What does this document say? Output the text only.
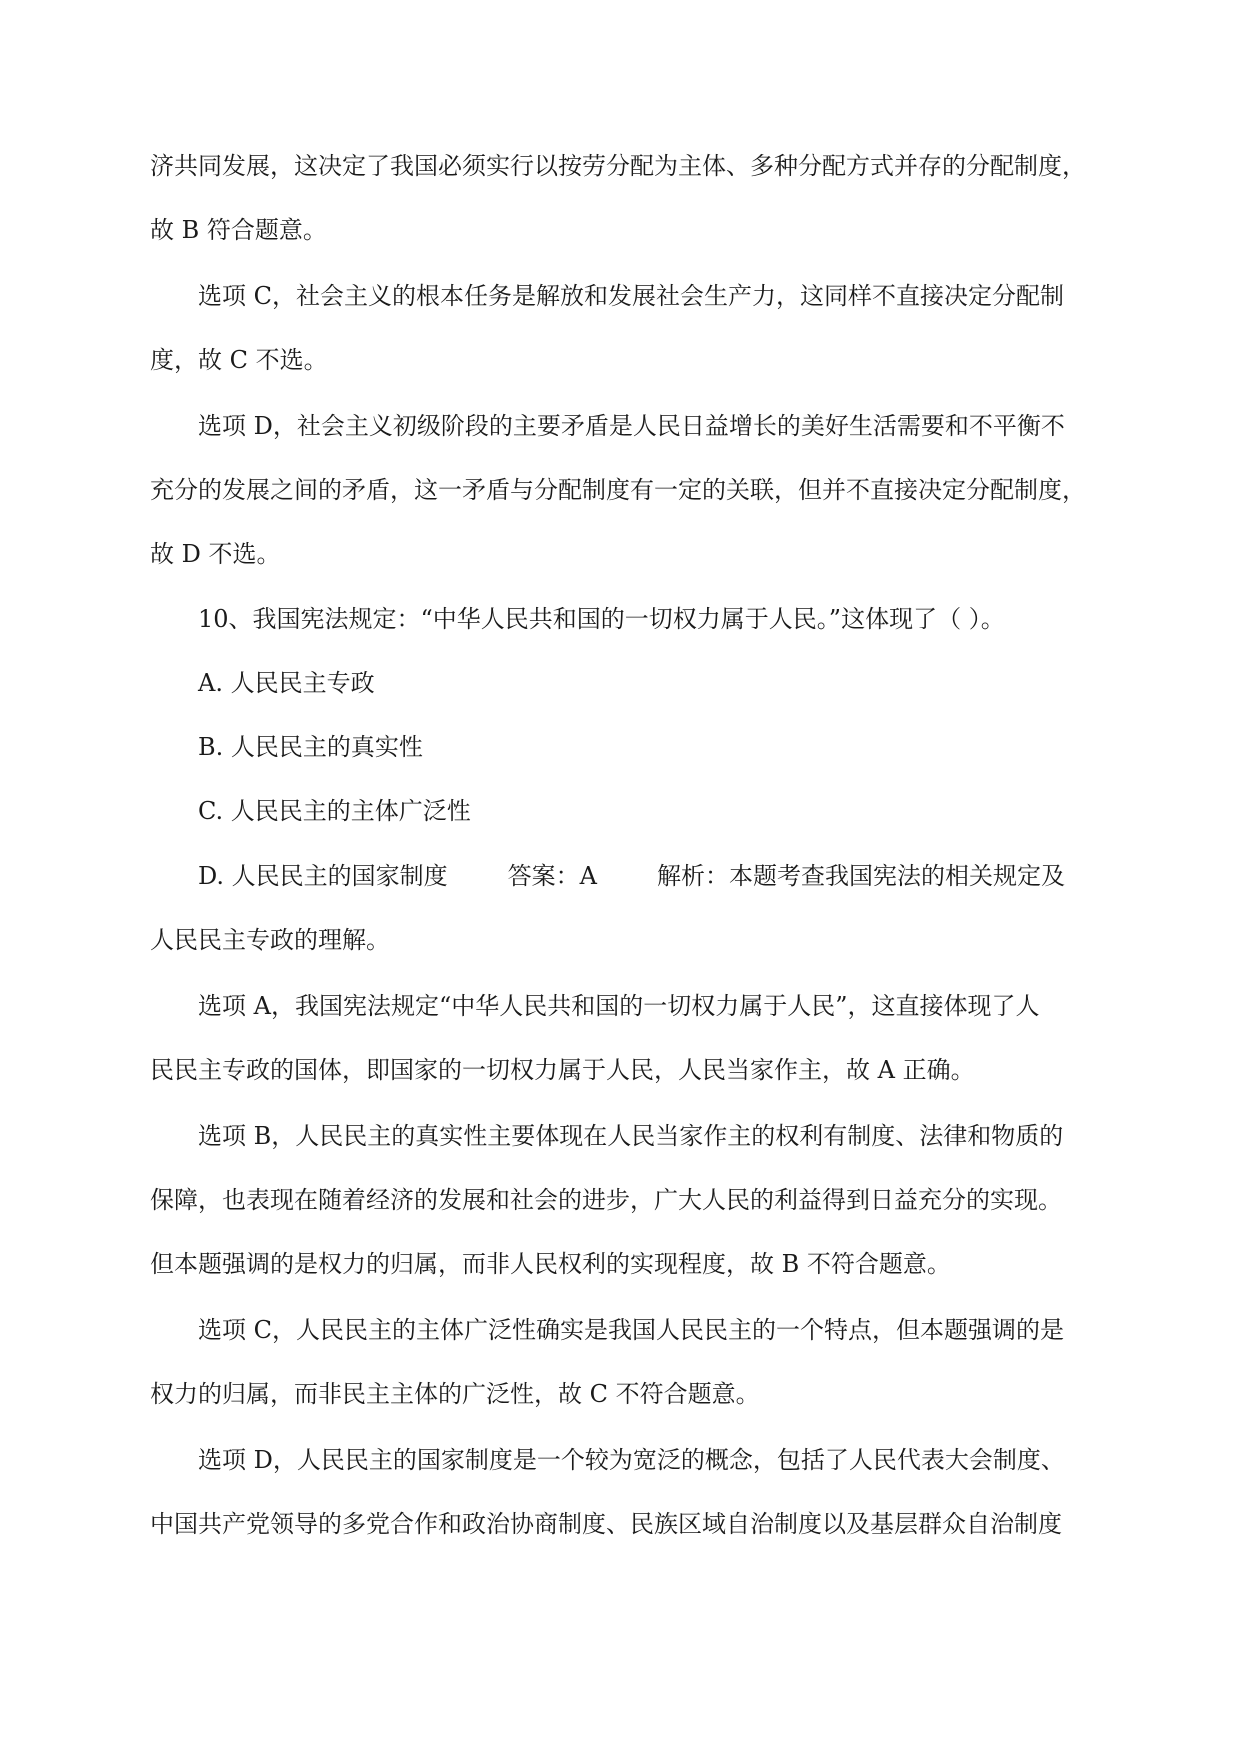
济共同发展，这决定了我国必须实行以按劳分配为主体、多种分配方式并存的分配制度，
故 B 符合题意。
选项 C，社会主义的根本任务是解放和发展社会生产力，这同样不直接决定分配制
度，故 C 不选。
选项 D，社会主义初级阶段的主要矛盾是人民日益增长的美好生活需要和不平衡不
充分的发展之间的矛盾，这一矛盾与分配制度有一定的关联，但并不直接决定分配制度，
故 D 不选。
10、我国宪法规定：“中华人民共和国的一切权力属于人民。”这体现了（ ）。
A. 人民民主专政
B. 人民民主的真实性
C. 人民民主的主体广泛性
D. 人民民主的国家制度	答案：A	解析：本题考查我国宪法的相关规定及
人民民主专政的理解。
选项 A，我国宪法规定“中华人民共和国的一切权力属于人民”，这直接体现了人
民民主专政的国体，即国家的一切权力属于人民，人民当家作主，故 A 正确。
选项 B，人民民主的真实性主要体现在人民当家作主的权利有制度、法律和物质的
保障，也表现在随着经济的发展和社会的进步，广大人民的利益得到日益充分的实现。
但本题强调的是权力的归属，而非人民权利的实现程度，故 B 不符合题意。
选项 C，人民民主的主体广泛性确实是我国人民民主的一个特点，但本题强调的是
权力的归属，而非民主主体的广泛性，故 C 不符合题意。
选项 D，人民民主的国家制度是一个较为宽泛的概念，包括了人民代表大会制度、
中国共产党领导的多党合作和政治协商制度、民族区域自治制度以及基层群众自治制度
